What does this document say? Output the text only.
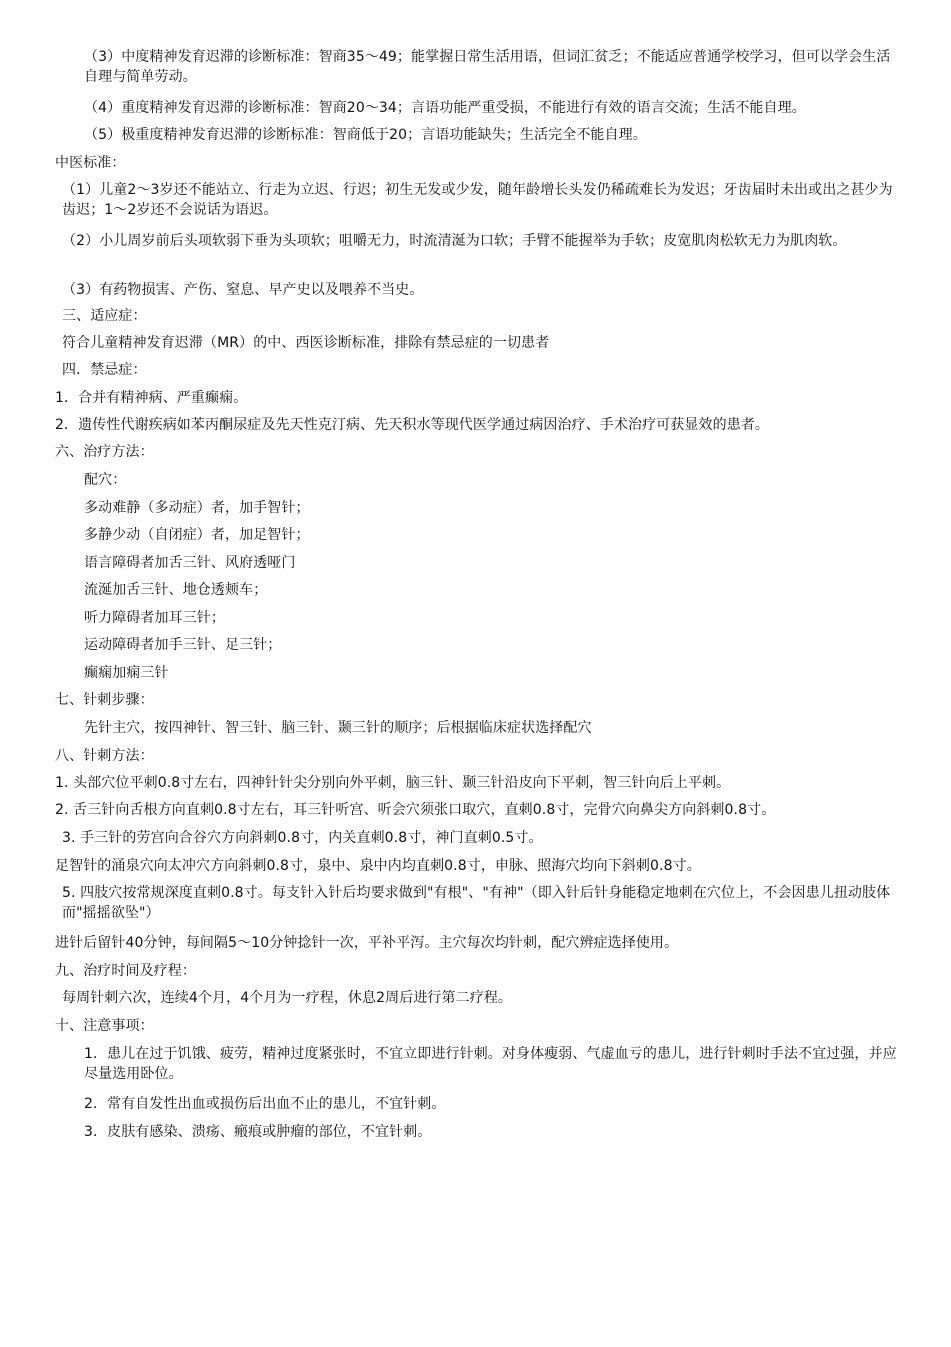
（3）中度精神发育迟滞的诊断标准：智商35～49；能掌握日常生活用语，但词汇贫乏；不能适应普通学校学习，但可以学会生活自理与简单劳动。

（4）重度精神发育迟滞的诊断标准：智商20～34；言语功能严重受损，不能进行有效的语言交流；生活不能自理。

（5）极重度精神发育迟滞的诊断标准：智商低于20；言语功能缺失；生活完全不能自理。

中医标准：

（1）儿童2～3岁还不能站立、行走为立迟、行迟；初生无发或少发，随年龄增长头发仍稀疏难长为发迟；牙齿届时未出或出之甚少为齿迟；1～2岁还不会说话为语迟。

（2）小儿周岁前后头项软弱下垂为头项软；咀嚼无力，时流清涎为口软；手臂不能握举为手软；皮宽肌肉松软无力为肌肉软。

（3）有药物损害、产伤、窒息、早产史以及喂养不当史。

三、适应症：

符合儿童精神发育迟滞（MR）的中、西医诊断标准，排除有禁忌症的一切患者

四．禁忌症：

1．合并有精神病、严重癫痫。

2．遗传性代谢疾病如苯丙酮尿症及先天性克汀病、先天积水等现代医学通过病因治疗、手术治疗可获显效的患者。

六、治疗方法：

配穴：

多动难静（多动症）者，加手智针；

多静少动（自闭症）者，加足智针；

语言障碍者加舌三针、风府透哑门

流涎加舌三针、地仓透颊车；

听力障碍者加耳三针；

运动障碍者加手三针、足三针；

癫痫加痫三针

七、针刺步骤：

先针主穴，按四神针、智三针、脑三针、颞三针的顺序；后根据临床症状选择配穴

八、针刺方法：

1. 头部穴位平刺0.8寸左右，四神针针尖分别向外平刺，脑三针、颞三针沿皮向下平刺，智三针向后上平刺。

2. 舌三针向舌根方向直刺0.8寸左右，耳三针听宫、听会穴须张口取穴，直刺0.8寸，完骨穴向鼻尖方向斜刺0.8寸。

3. 手三针的劳宫向合谷穴方向斜刺0.8寸，内关直刺0.8寸，神门直刺0.5寸。

足智针的涌泉穴向太冲穴方向斜刺0.8寸，泉中、泉中内均直刺0.8寸，申脉、照海穴均向下斜刺0.8寸。

5. 四肢穴按常规深度直刺0.8寸。每支针入针后均要求做到"有根"、"有神"（即入针后针身能稳定地刺在穴位上，不会因患儿扭动肢体而"摇摇欲坠"）

进针后留针40分钟，每间隔5～10分钟捻针一次，平补平泻。主穴每次均针刺，配穴辨症选择使用。

九、治疗时间及疗程：

每周针刺六次，连续4个月，4个月为一疗程，休息2周后进行第二疗程。

十、注意事项：

1．患儿在过于饥饿、疲劳，精神过度紧张时，不宜立即进行针刺。对身体瘦弱、气虚血亏的患儿，进行针刺时手法不宜过强，并应尽量选用卧位。

2．常有自发性出血或损伤后出血不止的患儿，不宜针刺。

3．皮肤有感染、溃疡、瘢痕或肿瘤的部位，不宜针刺。
